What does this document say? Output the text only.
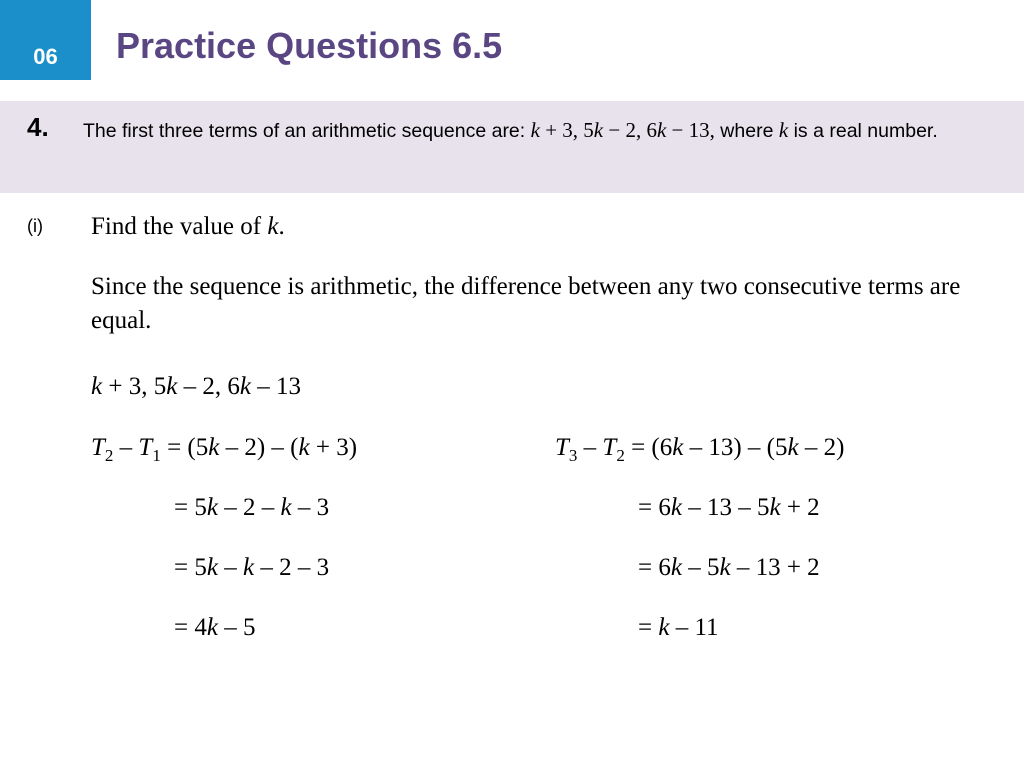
06 Practice Questions 6.5
4. The first three terms of an arithmetic sequence are: k + 3, 5k − 2, 6k − 13, where k is a real number.
(i) Find the value of k.
Since the sequence is arithmetic, the difference between any two consecutive terms are equal.
k + 3, 5k – 2, 6k – 13
$T_2 - T_1 = (5k - 2) - (k + 3)$
= 5k – 2 – k – 3
= 5k – k – 2 – 3
= 4k – 5
$T_3 - T_2 = (6k - 13) - (5k - 2)$
= 6k – 13 – 5k + 2
= 6k – 5k – 13 + 2
= k – 11
